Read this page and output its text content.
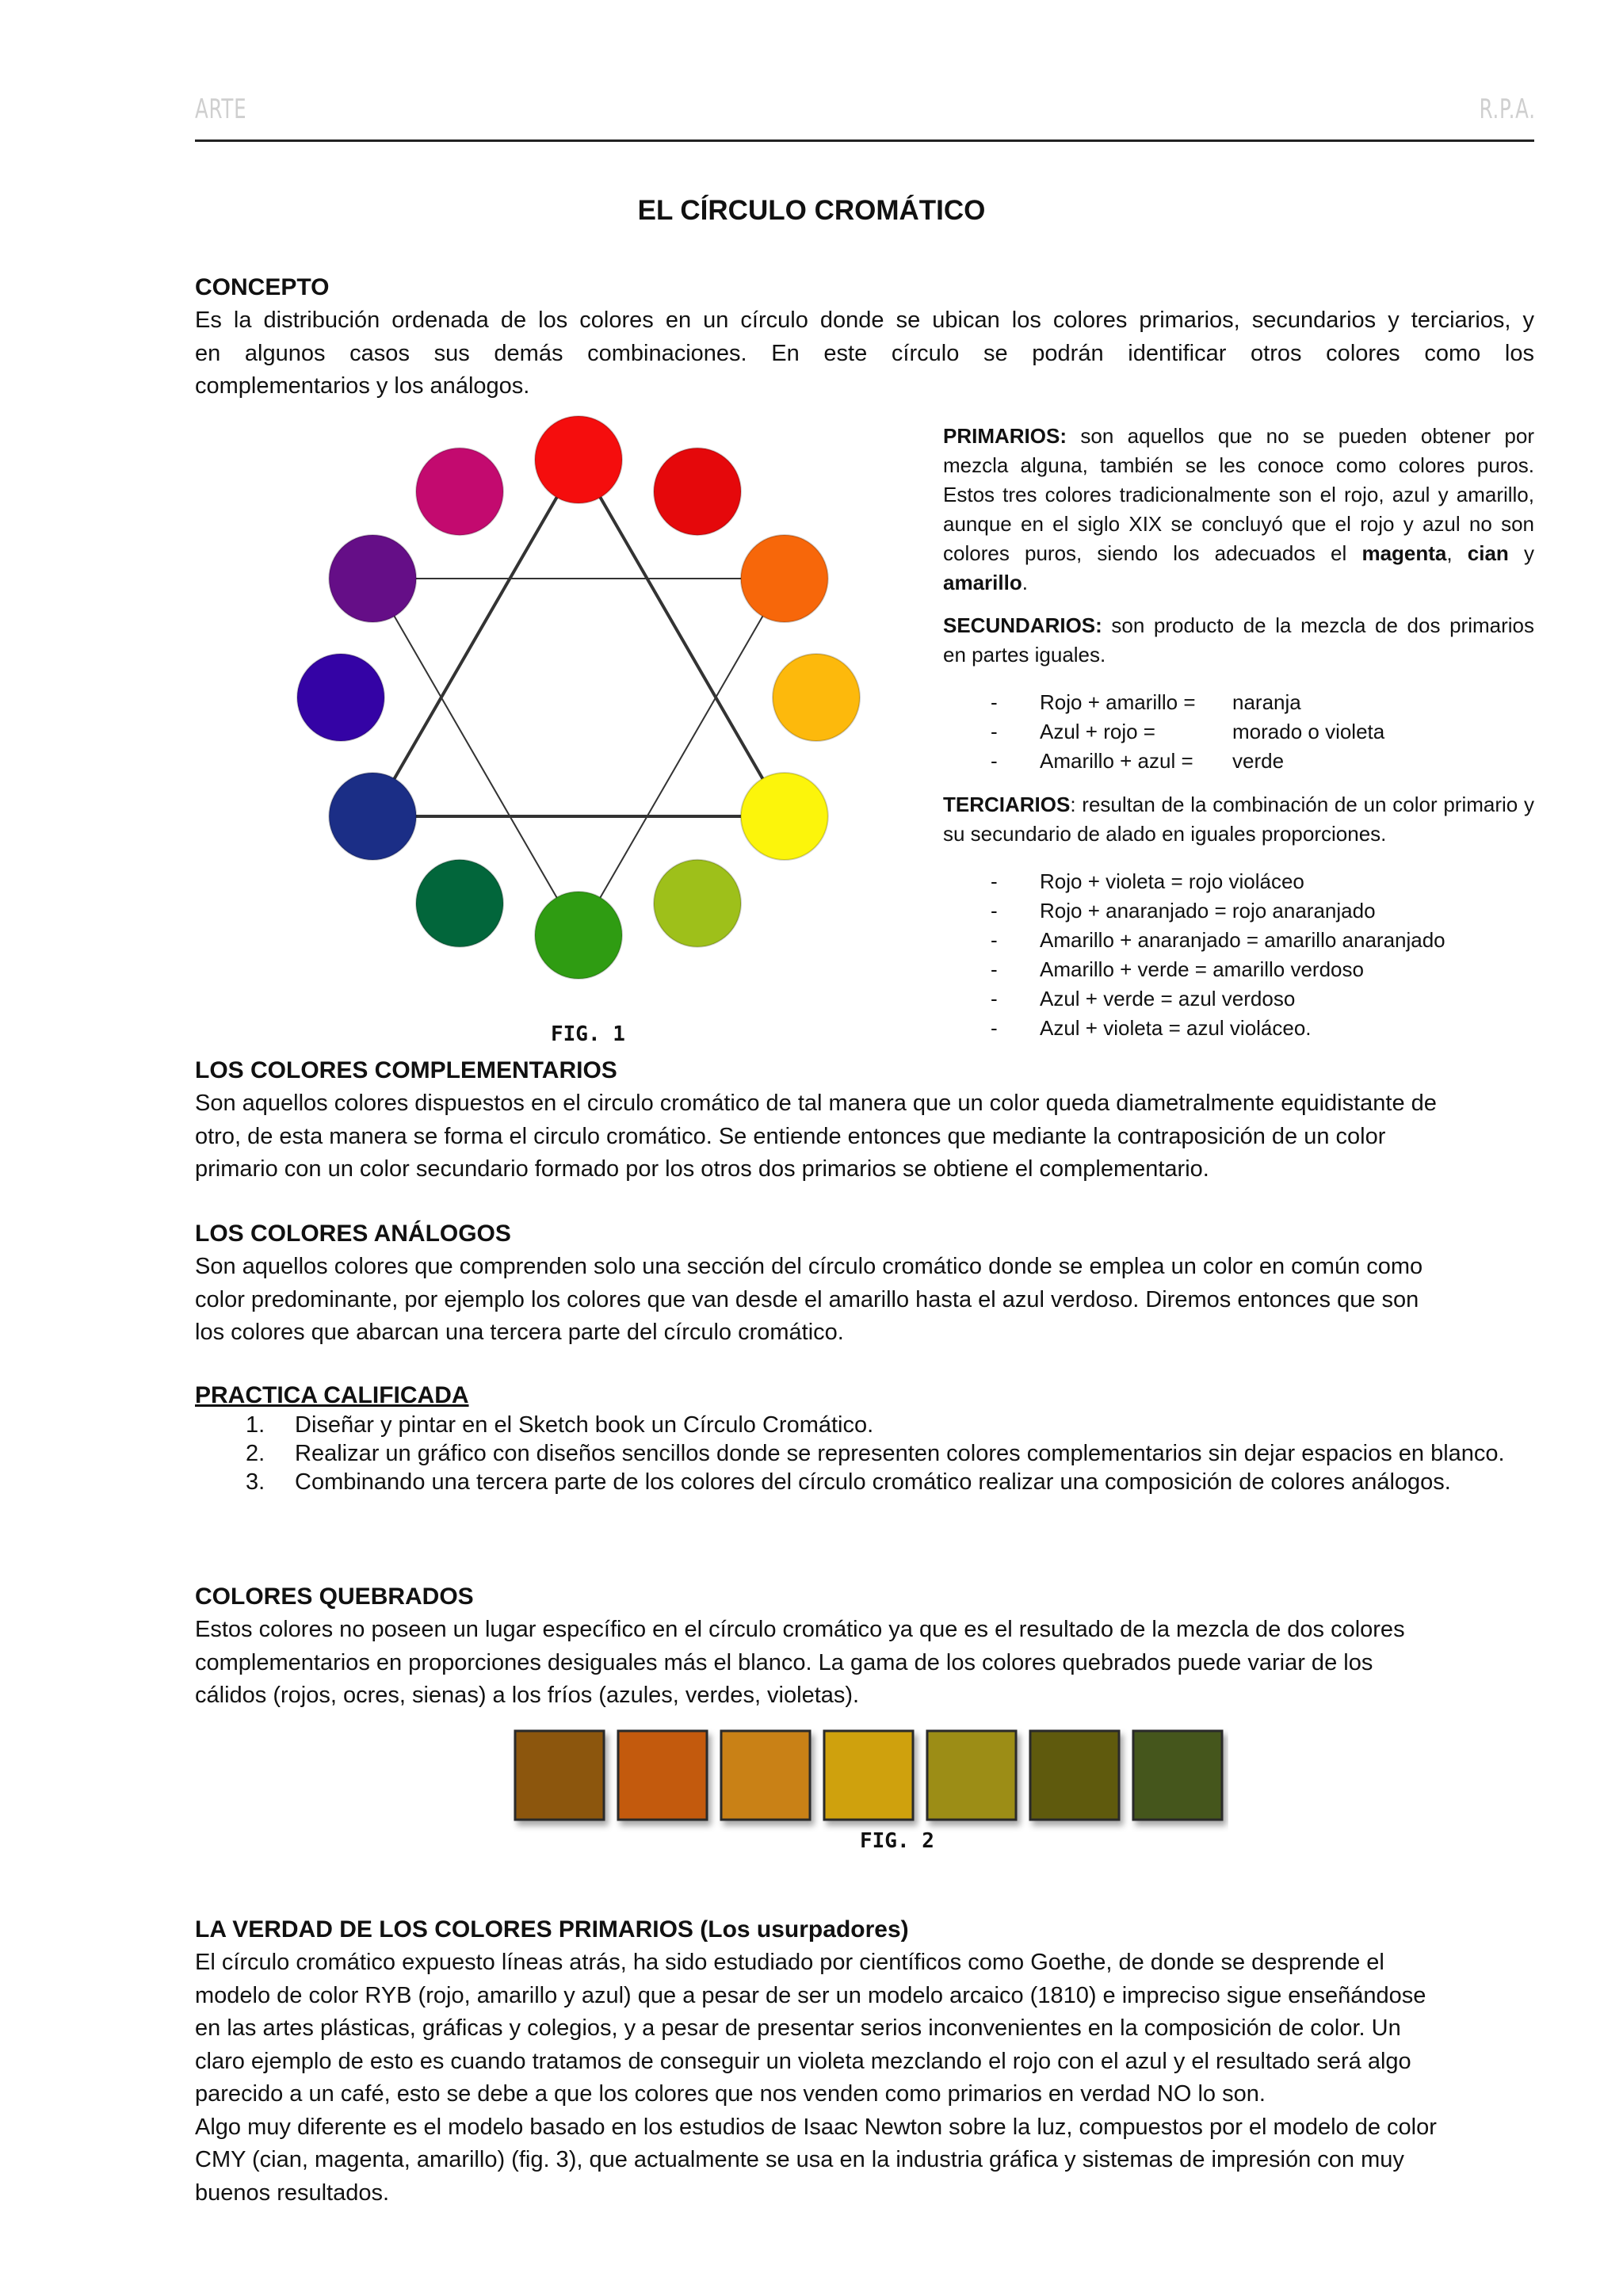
ARTE	R.P.A.
EL CÍRCULO CROMÁTICO
CONCEPTO
Es la distribución ordenada de los colores en un círculo donde se ubican los colores primarios, secundarios y terciarios, y
en algunos casos sus demás combinaciones. En este círculo se podrán identificar otros colores como los
complementarios y los análogos.
FIG. 1
PRIMARIOS: son aquellos que no se pueden obtener por mezcla alguna, también se les conoce como colores puros. Estos tres colores tradicionalmente son el rojo, azul y amarillo, aunque en el siglo XIX se concluyó que el rojo y azul no son colores puros, siendo los adecuados el magenta, cian y amarillo.
SECUNDARIOS: son producto de la mezcla de dos primarios en partes iguales.
- Rojo + amarillo = naranja
- Azul + rojo =	morado o violeta
- Amarillo + azul = verde
TERCIARIOS: resultan de la combinación de un color primario y su secundario de alado en iguales proporciones.
- Rojo + violeta = rojo violáceo
- Rojo + anaranjado = rojo anaranjado
- Amarillo + anaranjado = amarillo anaranjado
- Amarillo + verde = amarillo verdoso
- Azul + verde = azul verdoso
- Azul + violeta = azul violáceo.
LOS COLORES COMPLEMENTARIOS
Son aquellos colores dispuestos en el circulo cromático de tal manera que un color queda diametralmente equidistante de
otro, de esta manera se forma el circulo cromático. Se entiende entonces que mediante la contraposición de un color
primario con un color secundario formado por los otros dos primarios se obtiene el complementario.
LOS COLORES ANÁLOGOS
Son aquellos colores que comprenden solo una sección del círculo cromático donde se emplea un color en común como
color predominante, por ejemplo los colores que van desde el amarillo hasta el azul verdoso. Diremos entonces que son
los colores que abarcan una tercera parte del círculo cromático.
PRACTICA CALIFICADA
1. Diseñar y pintar en el Sketch book un Círculo Cromático.
2. Realizar un gráfico con diseños sencillos donde se representen colores complementarios sin dejar espacios en blanco.
3. Combinando una tercera parte de los colores del círculo cromático realizar una composición de colores análogos.
COLORES QUEBRADOS
Estos colores no poseen un lugar específico en el círculo cromático ya que es el resultado de la mezcla de dos colores
complementarios en proporciones desiguales más el blanco. La gama de los colores quebrados puede variar de los
cálidos (rojos, ocres, sienas) a los fríos (azules, verdes, violetas).
FIG. 2
LA VERDAD DE LOS COLORES PRIMARIOS (Los usurpadores)
El círculo cromático expuesto líneas atrás, ha sido estudiado por científicos como Goethe, de donde se desprende el
modelo de color RYB (rojo, amarillo y azul) que a pesar de ser un modelo arcaico (1810) e impreciso sigue enseñándose
en las artes plásticas, gráficas y colegios, y a pesar de presentar serios inconvenientes en la composición de color. Un
claro ejemplo de esto es cuando tratamos de conseguir un violeta mezclando el rojo con el azul y el resultado será algo
parecido a un café, esto se debe a que los colores que nos venden como primarios en verdad NO lo son.
Algo muy diferente es el modelo basado en los estudios de Isaac Newton sobre la luz, compuestos por el modelo de color
CMY (cian, magenta, amarillo) (fig. 3), que actualmente se usa en la industria gráfica y sistemas de impresión con muy
buenos resultados.
